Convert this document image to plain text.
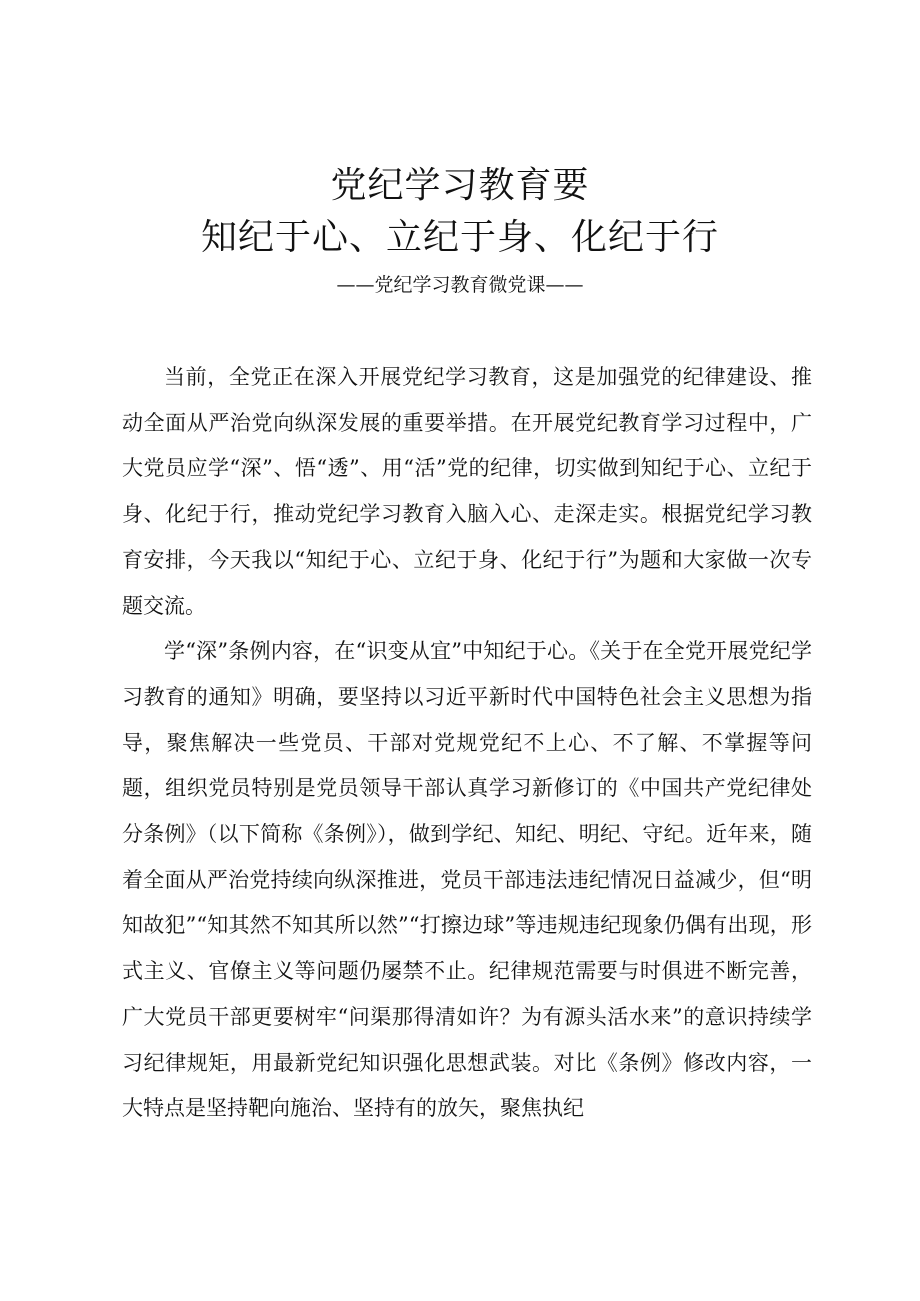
党纪学习教育要
知纪于心、立纪于身、化纪于行
——党纪学习教育微党课——

当前，全党正在深入开展党纪学习教育，这是加强党的纪律建设、推动全面从严治党向纵深发展的重要举措。在开展党纪教育学习过程中，广大党员应学“深”、悟“透”、用“活”党的纪律，切实做到知纪于心、立纪于身、化纪于行，推动党纪学习教育入脑入心、走深走实。根据党纪学习教育安排，今天我以“知纪于心、立纪于身、化纪于行”为题和大家做一次专题交流。

学“深”条例内容，在“识变从宜”中知纪于心。《关于在全党开展党纪学习教育的通知》明确，要坚持以习近平新时代中国特色社会主义思想为指导，聚焦解决一些党员、干部对党规党纪不上心、不了解、不掌握等问题，组织党员特别是党员领导干部认真学习新修订的《中国共产党纪律处分条例》（以下简称《条例》），做到学纪、知纪、明纪、守纪。近年来，随着全面从严治党持续向纵深推进，党员干部违法违纪情况日益减少，但“明知故犯”“知其然不知其所以然”“打擦边球”等违规违纪现象仍偶有出现，形式主义、官僚主义等问题仍屡禁不止。纪律规范需要与时俱进不断完善，广大党员干部更要树牢“问渠那得清如许？为有源头活水来”的意识持续学习纪律规矩，用最新党纪知识强化思想武装。对比《条例》修改内容，一大特点是坚持靶向施治、坚持有的放矢，聚焦执纪
